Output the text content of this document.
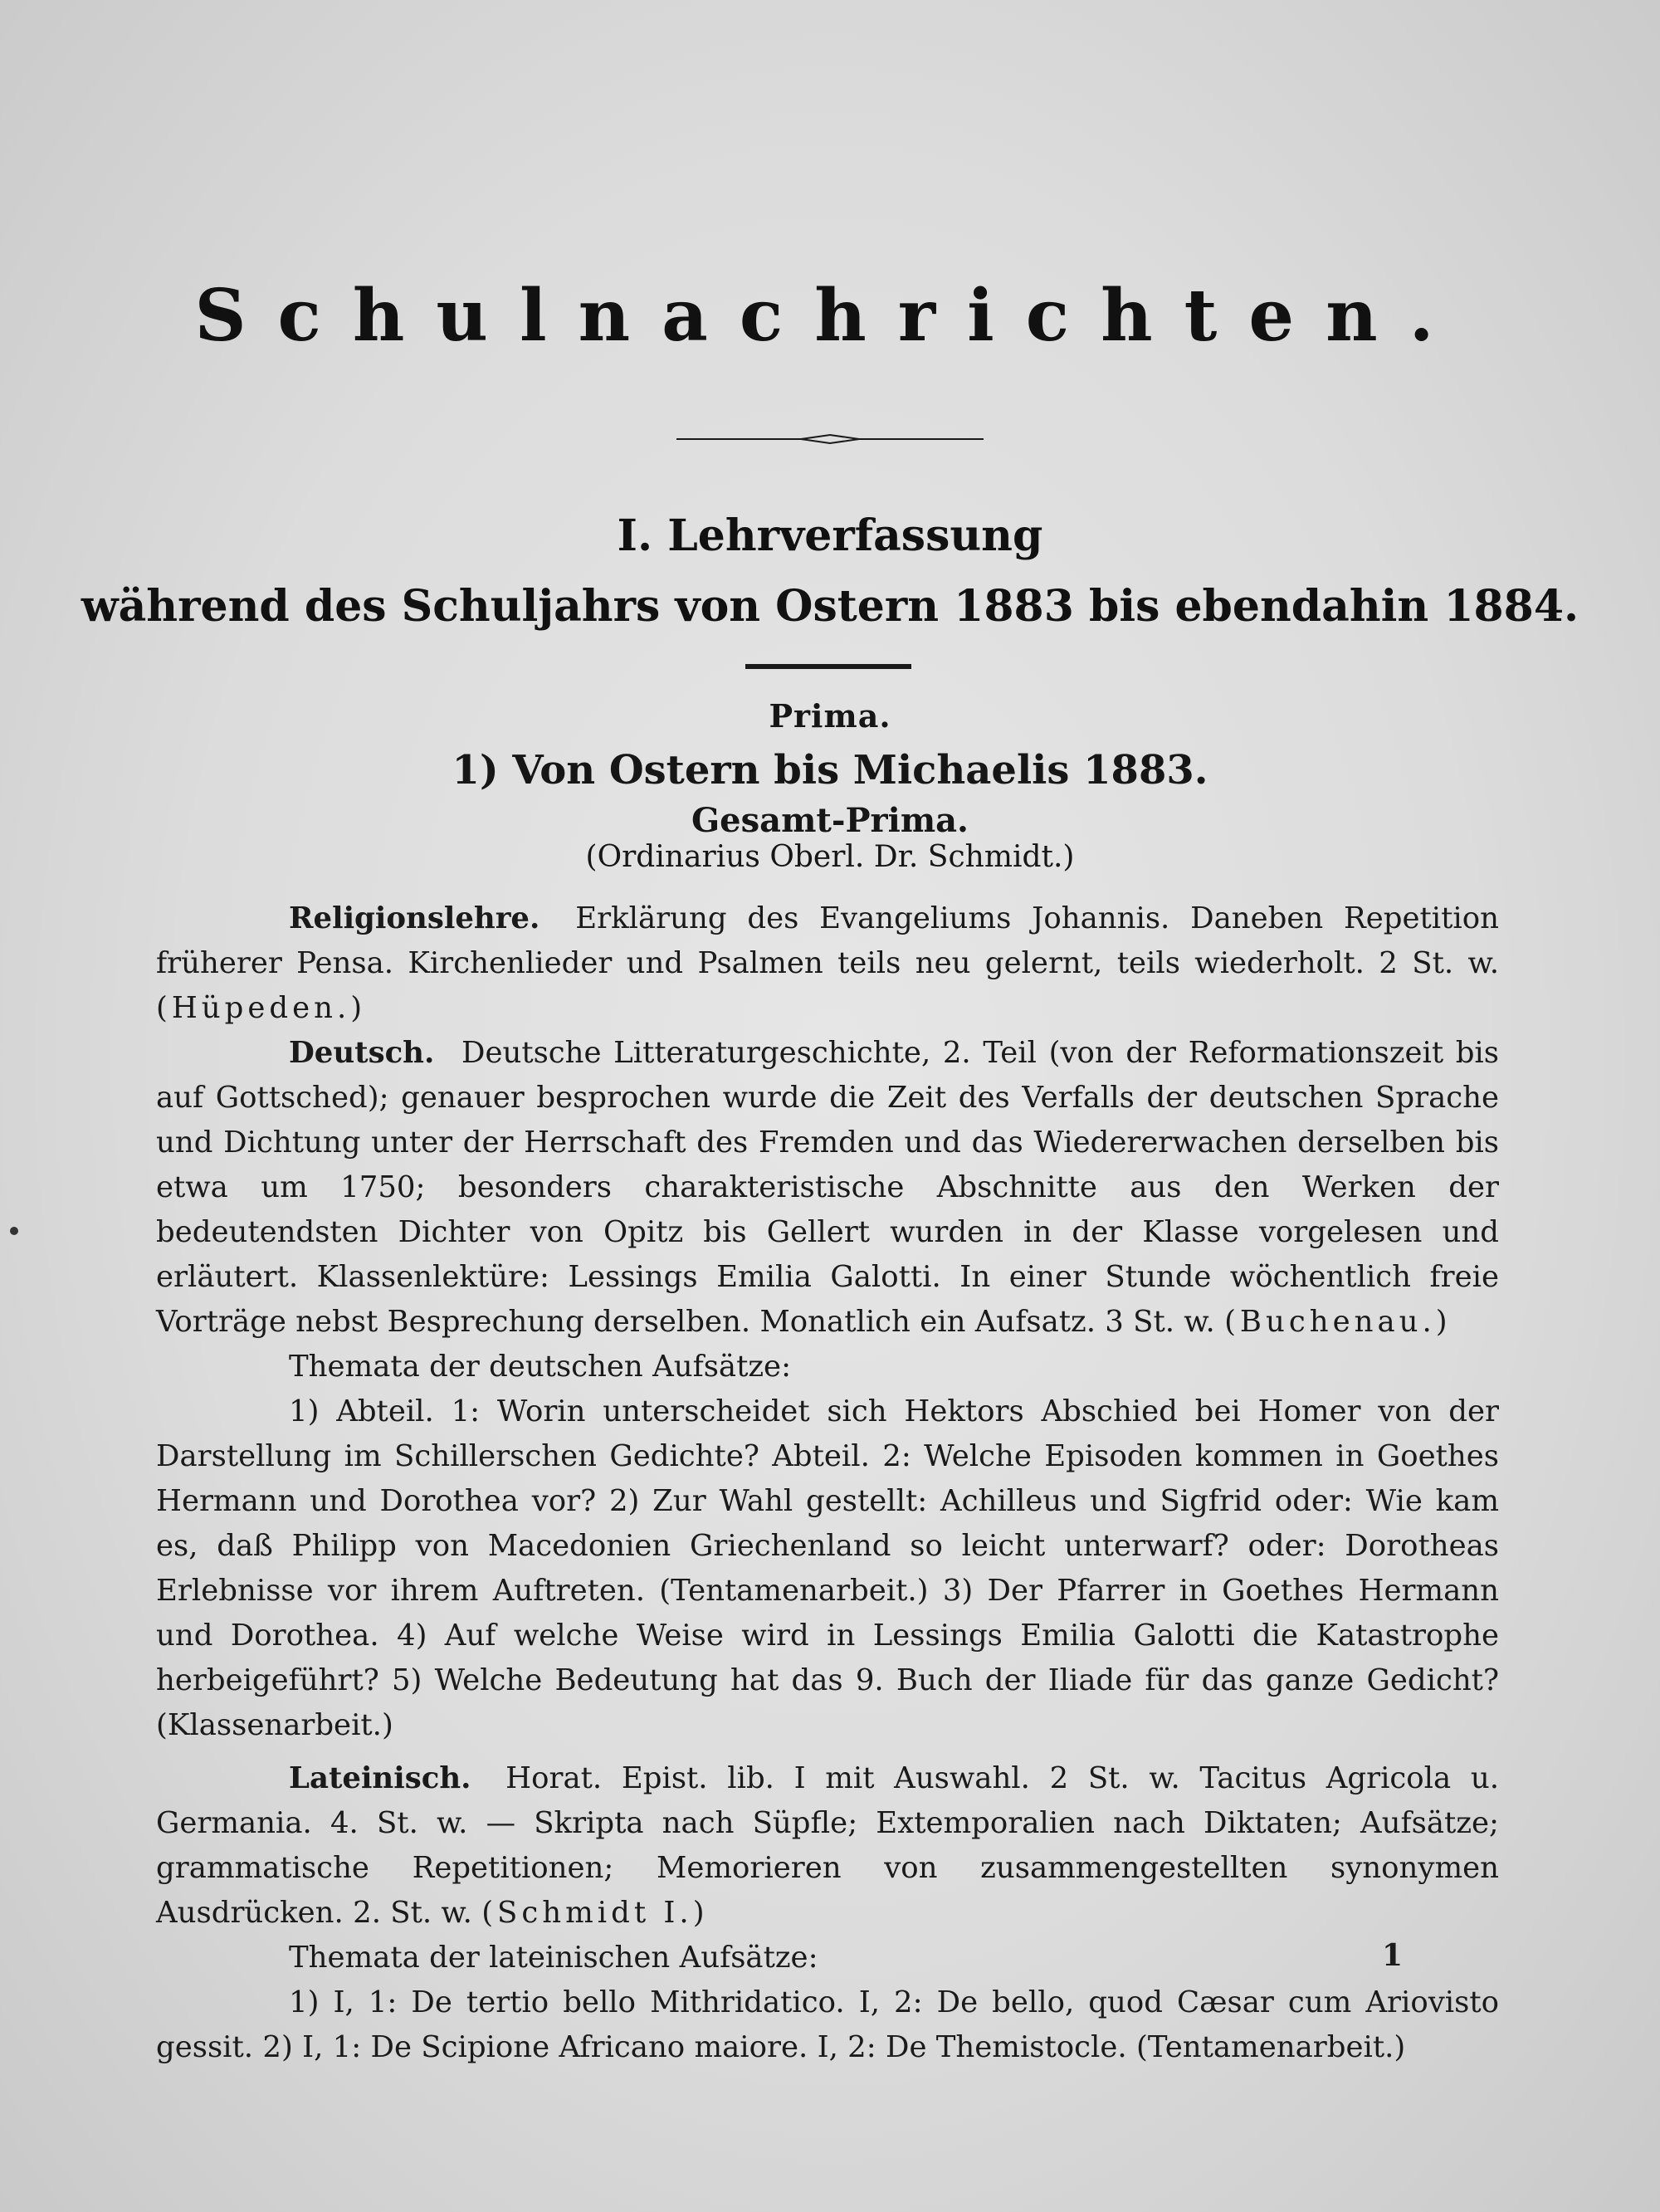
Schulnachrichten.
I. Lehrverfassung
während des Schuljahrs von Ostern 1883 bis ebendahin 1884.
Prima.
1) Von Ostern bis Michaelis 1883.
Gesamt-Prima.
(Ordinarius Oberl. Dr. Schmidt.)

Religionslehre. Erklärung des Evangeliums Johannis. Daneben Repetition früherer Pensa. Kirchenlieder und Psalmen teils neu gelernt, teils wiederholt. 2 St. w. (Hüpeden.)

Deutsch. Deutsche Litteraturgeschichte, 2. Teil (von der Reformationszeit bis auf Gottsched); genauer besprochen wurde die Zeit des Verfalls der deutschen Sprache und Dichtung unter der Herrschaft des Fremden und das Wiedererwachen derselben bis etwa um 1750; besonders charakteristische Abschnitte aus den Werken der bedeutendsten Dichter von Opitz bis Gellert wurden in der Klasse vorgelesen und erläutert. Klassenlektüre: Lessings Emilia Galotti. In einer Stunde wöchentlich freie Vorträge nebst Besprechung derselben. Monatlich ein Aufsatz. 3 St. w. (Buchenau.)

Themata der deutschen Aufsätze:

1) Abteil. 1: Worin unterscheidet sich Hektors Abschied bei Homer von der Darstellung im Schillerschen Gedichte? Abteil. 2: Welche Episoden kommen in Goethes Hermann und Dorothea vor? 2) Zur Wahl gestellt: Achilleus und Sigfrid oder: Wie kam es, daß Philipp von Macedonien Griechenland so leicht unterwarf? oder: Dorotheas Erlebnisse vor ihrem Auftreten. (Tentamenarbeit.) 3) Der Pfarrer in Goethes Hermann und Dorothea. 4) Auf welche Weise wird in Lessings Emilia Galotti die Katastrophe herbeigeführt? 5) Welche Bedeutung hat das 9. Buch der Iliade für das ganze Gedicht? (Klassenarbeit.)

Lateinisch. Horat. Epist. lib. I mit Auswahl. 2 St. w. Tacitus Agricola u. Germania. 4. St. w. — Skripta nach Süpfle; Extemporalien nach Diktaten; Aufsätze; grammatische Repetitionen; Memorieren von zusammengestellten synonymen Ausdrücken. 2. St. w. (Schmidt I.)

Themata der lateinischen Aufsätze:

1) I, 1: De tertio bello Mithridatico. I, 2: De bello, quod Cæsar cum Ariovisto gessit. 2) I, 1: De Scipione Africano maiore. I, 2: De Themistocle. (Tentamenarbeit.)

1
